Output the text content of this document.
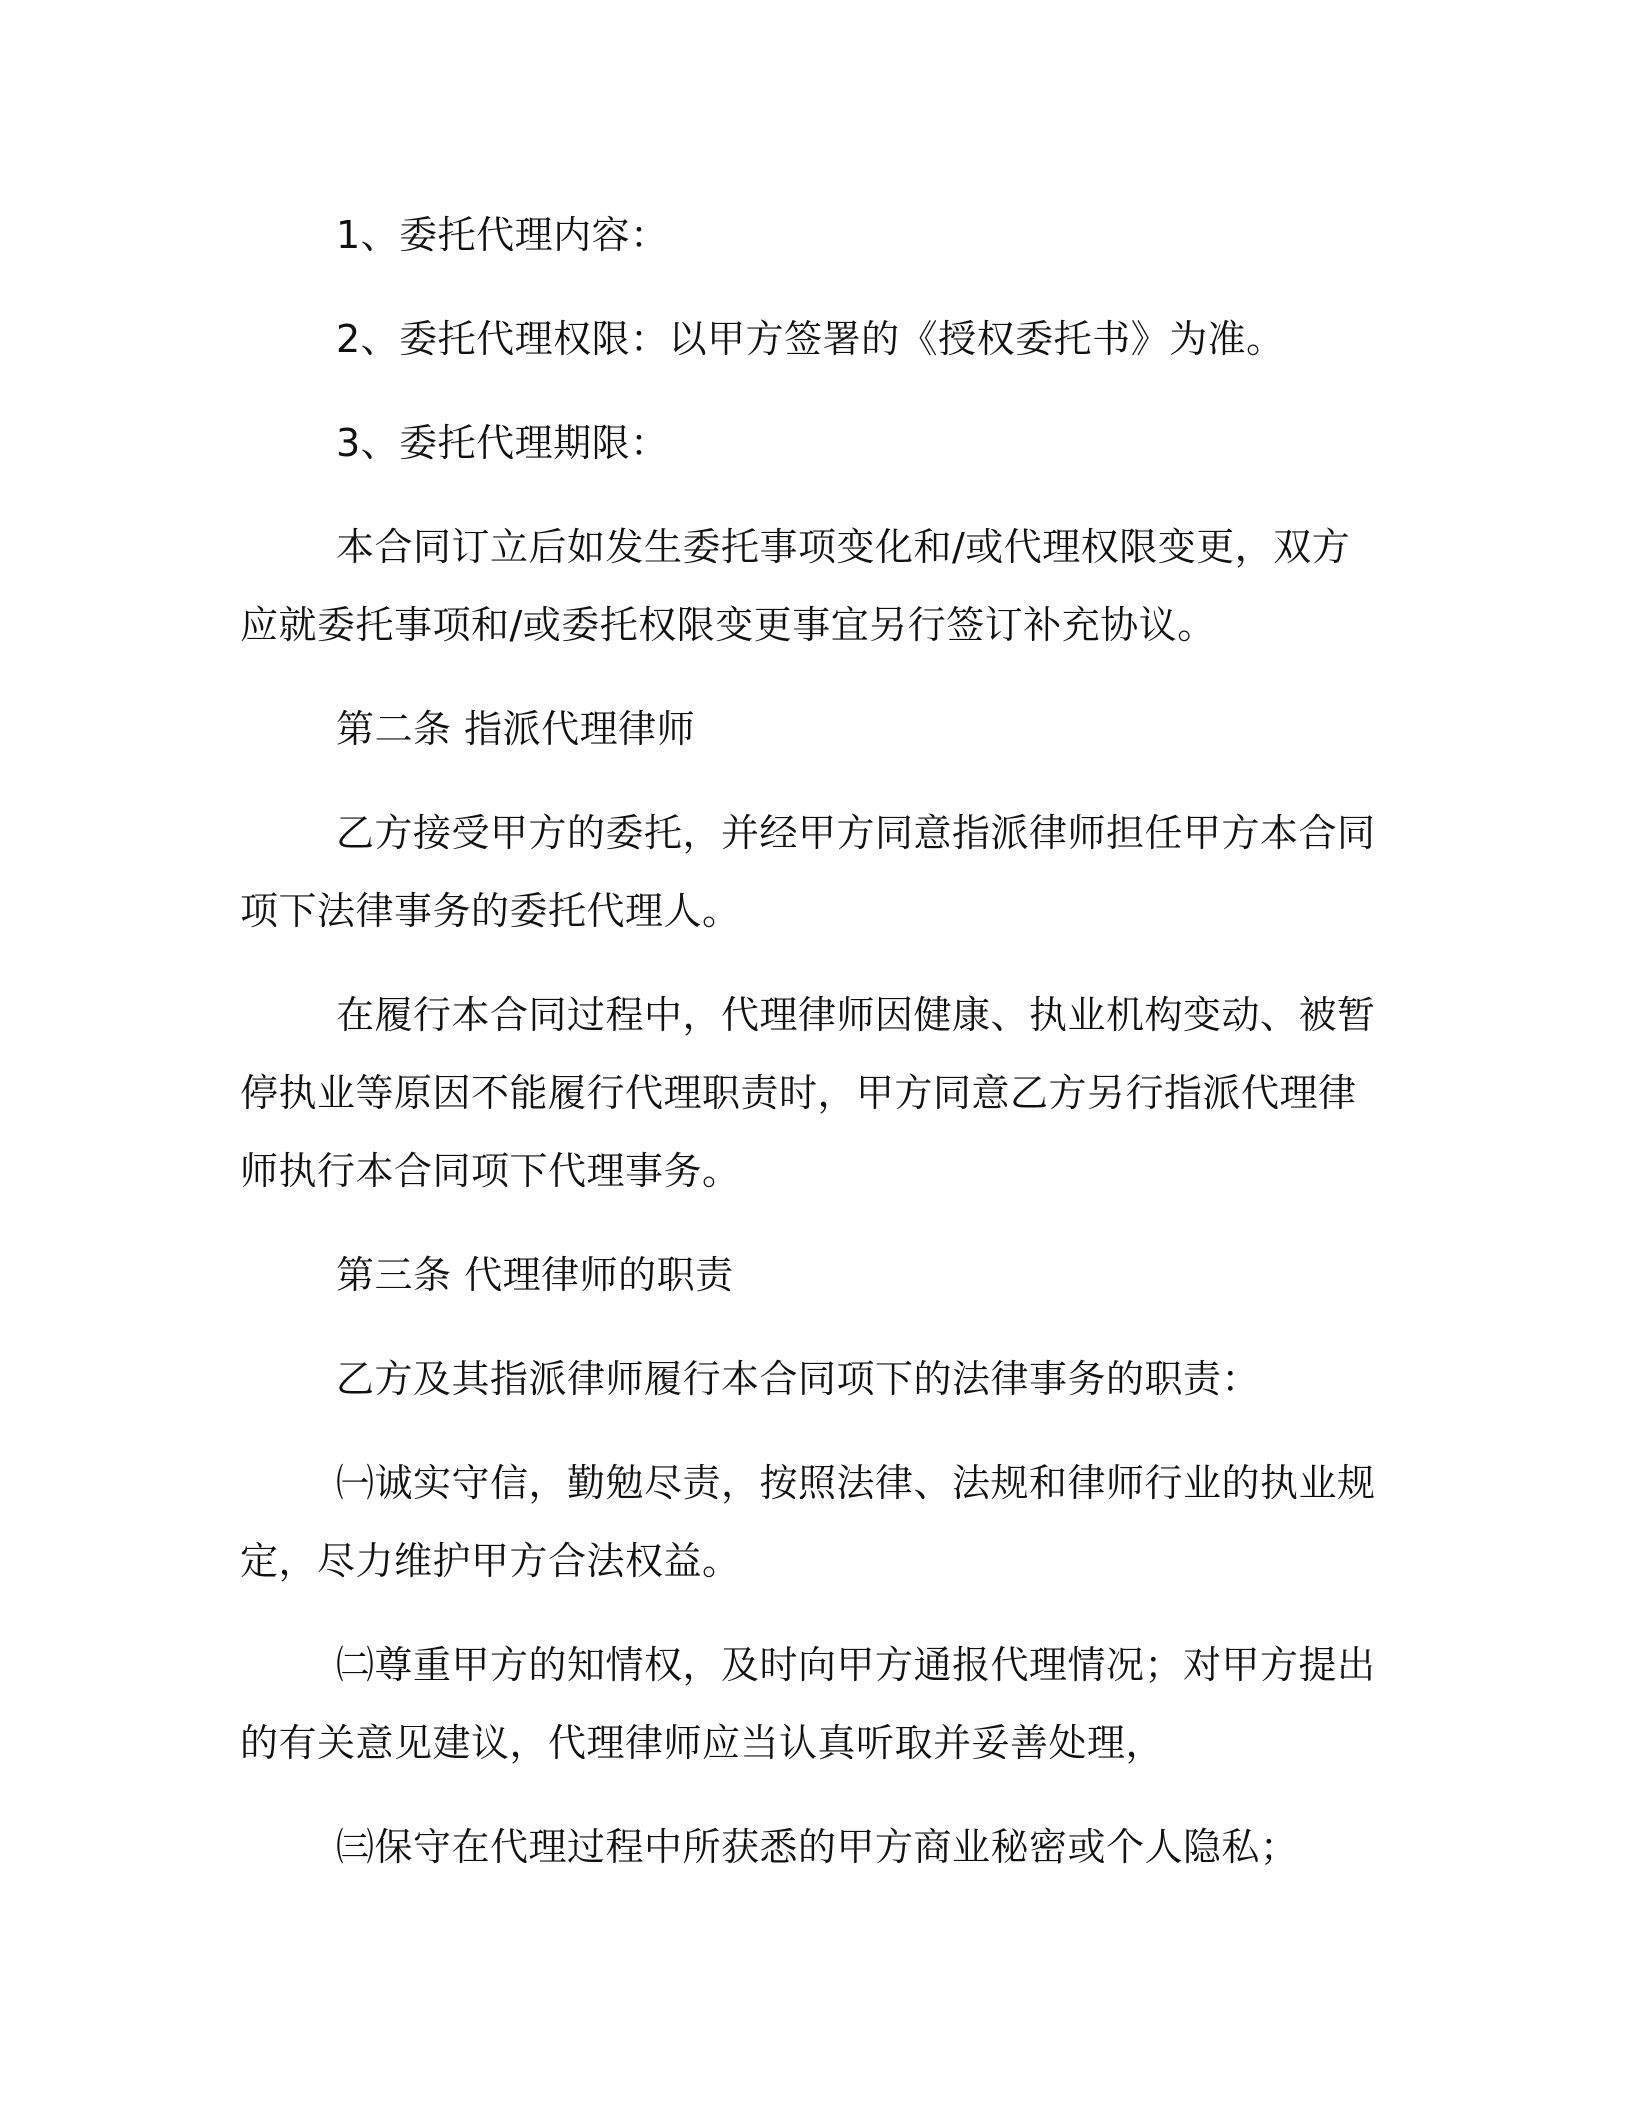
1、委托代理内容：

2、委托代理权限：以甲方签署的《授权委托书》为准。

3、委托代理期限：

本合同订立后如发生委托事项变化和/或代理权限变更，双方应就委托事项和/或委托权限变更事宜另行签订补充协议。

第二条 指派代理律师

乙方接受甲方的委托，并经甲方同意指派律师担任甲方本合同项下法律事务的委托代理人。

在履行本合同过程中，代理律师因健康、执业机构变动、被暂停执业等原因不能履行代理职责时，甲方同意乙方另行指派代理律师执行本合同项下代理事务。

第三条 代理律师的职责

乙方及其指派律师履行本合同项下的法律事务的职责：

㈠诚实守信，勤勉尽责，按照法律、法规和律师行业的执业规定，尽力维护甲方合法权益。

㈡尊重甲方的知情权，及时向甲方通报代理情况；对甲方提出的有关意见建议，代理律师应当认真听取并妥善处理，

㈢保守在代理过程中所获悉的甲方商业秘密或个人隐私；
